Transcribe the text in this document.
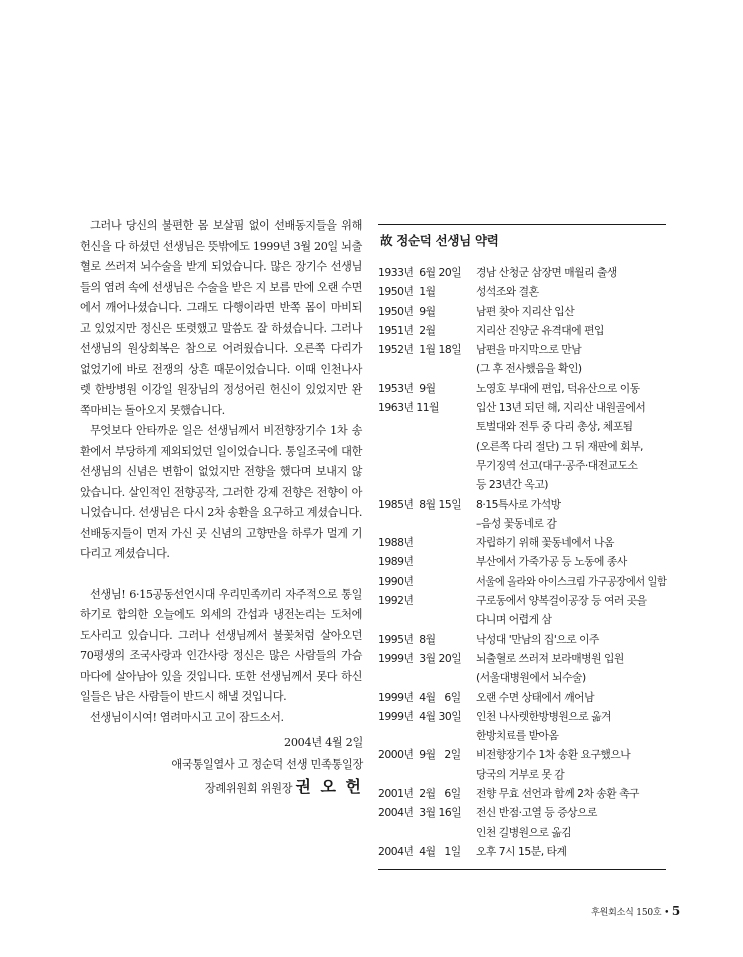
그러나 당신의 불편한 몸 보살핌 없이 선배동지들을 위해 헌신을 다 하셨던 선생님은 뜻밖에도 1999년 3월 20일 뇌출혈로 쓰러져 뇌수술을 받게 되었습니다. 많은 장기수 선생님들의 염려 속에 선생님은 수술을 받은 지 보름 만에 오랜 수면에서 깨어나셨습니다. 그래도 다행이라면 반쪽 몸이 마비되고 있었지만 정신은 또렷했고 말씀도 잘 하셨습니다. 그러나 선생님의 원상회복은 참으로 어려웠습니다. 오른쪽 다리가 없었기에 바로 전쟁의 상흔 때문이었습니다. 이때 인천나사렛 한방병원 이강일 원장님의 정성어린 헌신이 있었지만 완쪽마비는 돌아오지 못했습니다.

무엇보다 안타까운 일은 선생님께서 비전향장기수 1차 송환에서 부당하게 제외되었던 일이었습니다. 통일조국에 대한 선생님의 신념은 변함이 없었지만 전향을 했다며 보내지 않았습니다. 살인적인 전향공작, 그러한 강제 전향은 전향이 아니었습니다. 선생님은 다시 2차 송환을 요구하고 계셨습니다. 선배동지들이 먼저 가신 곳 신념의 고향만을 하루가 멀게 기다리고 계셨습니다.

선생님! 6·15공동선언시대 우리민족끼리 자주적으로 통일하기로 합의한 오늘에도 외세의 간섭과 냉전논리는 도처에 도사리고 있습니다. 그러나 선생님께서 불꽃처럼 살아오던 70평생의 조국사랑과 인간사랑 정신은 많은 사람들의 가슴마다에 살아남아 있을 것입니다. 또한 선생님께서 못다 하신 일들은 남은 사람들이 반드시 해낼 것입니다.

선생님이시여! 염려마시고 고이 잠드소서.

2004년 4월 2일
애국통일열사 고 정순덕 선생 민족통일장
장례위원회 위원장 권 오 헌
故 정순덕 선생님 약력
1933년  6월 20일	경남 산청군 삼장면 매월리 출생
1950년  1월	성석조와 결혼
1950년  9월	남편 찾아 지리산 입산
1951년  2월	지리산 진양군 유격대에 편입
1952년  1월 18일	남편을 마지막으로 만남
(그 후 전사했음을 확인)
1953년  9월	노영호 부대에 편입, 덕유산으로 이동
1963년 11월	입산 13년 되던 해, 지리산 내원골에서
토벌대와 전투 중 다리 총상, 체포됨
(오른쪽 다리 절단) 그 뒤 재판에 회부,
무기징역 선고(대구·공주·대전교도소
등 23년간 옥고)
1985년  8월 15일	8·15특사로 가석방
–음성 꽃동네로 감
1988년	자립하기 위해 꽃동네에서 나옴
1989년	부산에서 가죽가공 등 노동에 종사
1990년	서울에 올라와 아이스크림 가구공장에서 일함
1992년	구로동에서 양복걸이공장 등 여러 곳을
다니며 어렵게 삼
1995년  8월	낙성대 '만남의 집'으로 이주
1999년  3월 20일	뇌출혈로 쓰러져 보라매병원 입원
(서울대병원에서 뇌수술)
1999년  4월   6일	오랜 수면 상태에서 깨어남
1999년  4월 30일	인천 나사렛한방병원으로 옮겨
한방치료를 받아옴
2000년  9월   2일	비전향장기수 1차 송환 요구했으나
당국의 거부로 못 감
2001년  2월   6일	전향 무효 선언과 함께 2차 송환 촉구
2004년  3월 16일	전신 반점·고열 등 증상으로
인천 길병원으로 옮김
2004년  4월   1일	오후 7시 15분, 타계
후원회소식 150호 • 5
